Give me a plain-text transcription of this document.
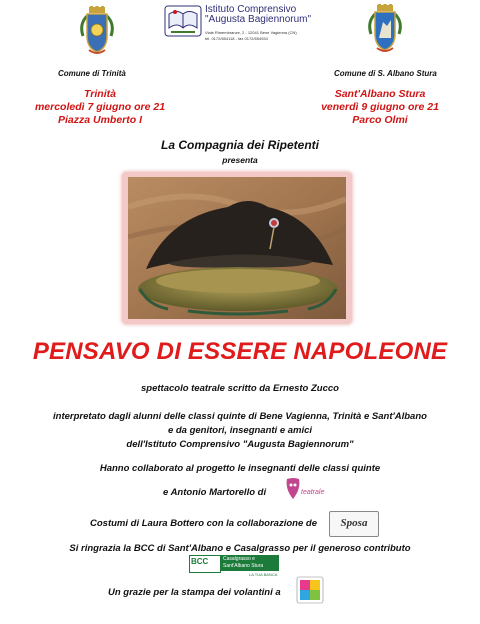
Istituto Comprensivo
"Augusta Bagiennorum"
Viale Rimembranze, 2 - 12041 Bene Vagienna (CN)
tel. 0172/654118 - fax 0172/654934
Comune di Trinità	Comune di S. Albano Stura
Trinità
mercoledì 7 giugno ore 21
Piazza Umberto I
Sant'Albano Stura
venerdì 9 giugno ore 21
Parco Olmi
La Compagnia dei Ripetenti
presenta
PENSAVO DI ESSERE NAPOLEONE
spettacolo teatrale scritto da Ernesto Zucco
interpretato dagli alunni delle classi quinte di Bene Vagienna, Trinità e Sant'Albano
e da genitori, insegnanti e amici
dell'Istituto Comprensivo "Augusta Bagiennorum"
Hanno collaborato al progetto le insegnanti delle classi quinte
e Antonio Martorello di	teatrale
Costumi di Laura Bottero con la collaborazione de	Sposa
Si ringrazia la BCC di Sant'Albano e Casalgrasso per il generoso contributo
BCC	Casalgrasso e
Sant'Albano Stura
LA TUA BANCA
Un grazie per la stampa dei volantini a
